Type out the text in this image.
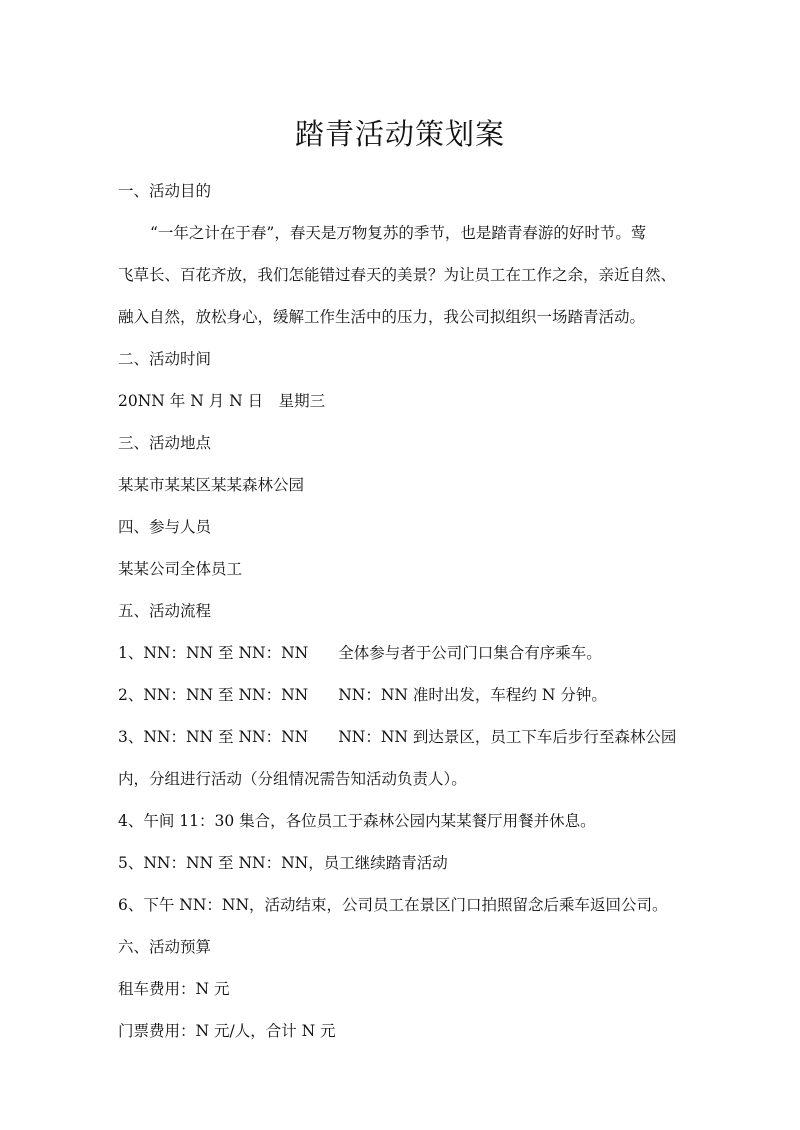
踏青活动策划案
一、活动目的
“一年之计在于春”，春天是万物复苏的季节，也是踏青春游的好时节。莺
飞草长、百花齐放，我们怎能错过春天的美景？为让员工在工作之余，亲近自然、
融入自然，放松身心，缓解工作生活中的压力，我公司拟组织一场踏青活动。
二、活动时间
20NN 年 N 月 N 日　星期三
三、活动地点
某某市某某区某某森林公园
四、参与人员
某某公司全体员工
五、活动流程
1、NN：NN 至 NN：NN 全体参与者于公司门口集合有序乘车。
2、NN：NN 至 NN：NN NN：NN 准时出发，车程约 N 分钟。
3、NN：NN 至 NN：NN NN：NN 到达景区，员工下车后步行至森林公园
内，分组进行活动（分组情况需告知活动负责人）。
4、午间 11：30 集合，各位员工于森林公园内某某餐厅用餐并休息。
5、NN：NN 至 NN：NN，员工继续踏青活动
6、下午 NN：NN，活动结束，公司员工在景区门口拍照留念后乘车返回公司。
六、活动预算
租车费用：N 元
门票费用：N 元/人，合计 N 元
